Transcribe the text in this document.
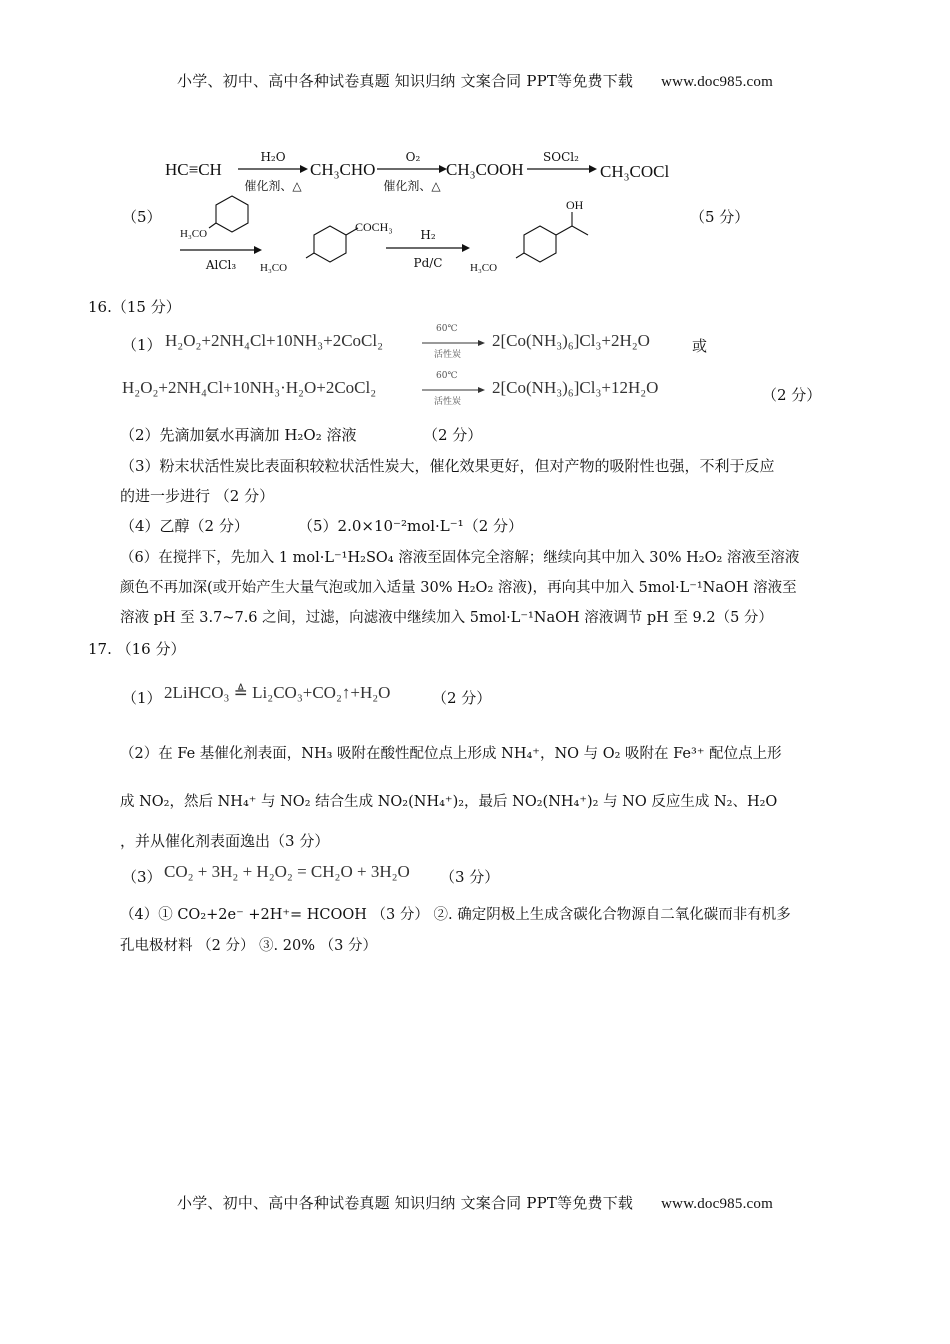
小学、初中、高中各种试卷真题 知识归纳 文案合同 PPT等免费下载 www.doc985.com
HC≡CH
H₂O
催化剂、△
CH₃CHO
O₂
催化剂、△
CH₃COOH
SOCl₂
CH₃COCl
（5）	（5 分）
H₃CO
AlCl₃
COCH₃
H₃CO
H₂
Pd/C
OH
H₃CO
16.（15 分）
（1） H₂O₂+2NH₄Cl+10NH₃+2CoCl₂
60℃
活性炭
2[Co(NH₃)₆]Cl₃+2H₂O	或
H₂O₂+2NH₄Cl+10NH₃·H₂O+2CoCl₂
60℃
活性炭
2[Co(NH₃)₆]Cl₃+12H₂O	（2 分）
（2）先滴加氨水再滴加 H₂O₂ 溶液	（2 分）
（3）粉末状活性炭比表面积较粒状活性炭大，催化效果更好，但对产物的吸附性也强，不利于反应
的进一步进行 （2 分）
（4）乙醇（2 分）	（5）2.0×10⁻²mol·L⁻¹（2 分）
（6）在搅拌下，先加入 1 mol·L⁻¹H₂SO₄ 溶液至固体完全溶解；继续向其中加入 30% H₂O₂ 溶液至溶液
颜色不再加深(或开始产生大量气泡或加入适量 30% H₂O₂ 溶液)，再向其中加入 5mol·L⁻¹NaOH 溶液至
溶液 pH 至 3.7~7.6 之间，过滤，向滤液中继续加入 5mol·L⁻¹NaOH 溶液调节 pH 至 9.2（5 分）
17. （16 分）
（1） 2LiHCO₃ ≜ Li₂CO₃+CO₂↑+H₂O	（2 分）
（2）在 Fe 基催化剂表面，NH₃ 吸附在酸性配位点上形成 NH₄⁺，NO 与 O₂ 吸附在 Fe³⁺ 配位点上形
成 NO₂，然后 NH₄⁺ 与 NO₂ 结合生成 NO₂(NH₄⁺)₂，最后 NO₂(NH₄⁺)₂ 与 NO 反应生成 N₂、H₂O
，并从催化剂表面逸出（3 分）
（3） CO₂ + 3H₂ + H₂O₂ = CH₂O + 3H₂O （3 分）
（4）① CO₂+2e⁻ +2H⁺= HCOOH （3 分） ②. 确定阴极上生成含碳化合物源自二氧化碳而非有机多
孔电极材料 （2 分） ③. 20% （3 分）
小学、初中、高中各种试卷真题 知识归纳 文案合同 PPT等免费下载 www.doc985.com
